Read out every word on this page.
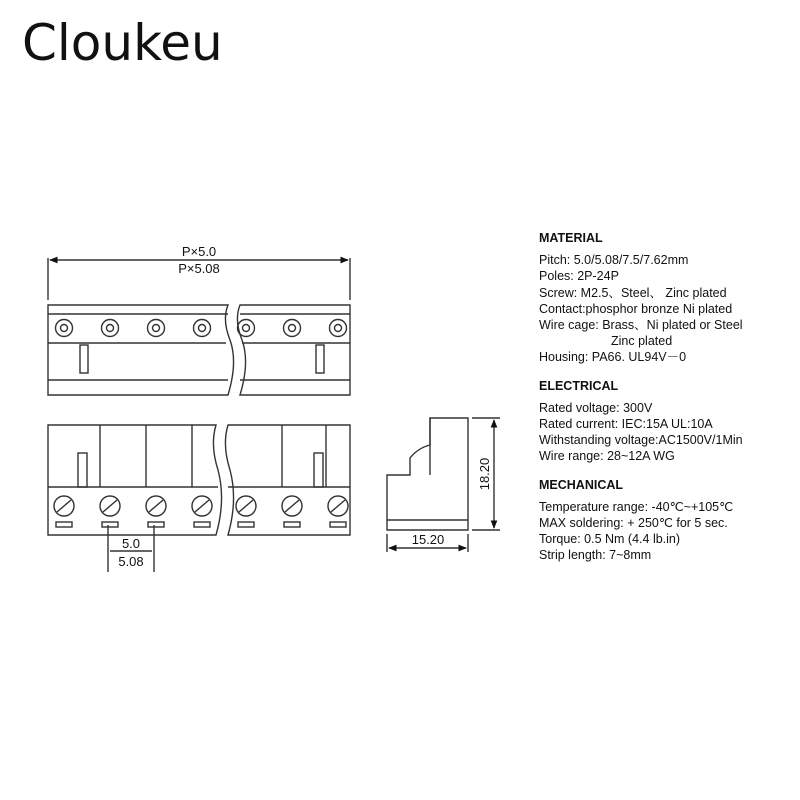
Cloukeu
P×5.0
P×5.08
5.0
5.08
15.20
18.20
MATERIAL
Pitch: 5.0/5.08/7.5/7.62mm
Poles: 2P-24P
Screw: M2.5、Steel、 Zinc plated
Contact:phosphor bronze Ni plated
Wire cage: Brass、Ni plated or Steel
Zinc plated
Housing: PA66. UL94V－0
ELECTRICAL
Rated voltage: 300V
Rated current: IEC:15A UL:10A
Withstanding voltage:AC1500V/1Min
Wire range: 28~12A WG
MECHANICAL
Temperature range: -40℃~+105℃
MAX soldering: + 250℃ for 5 sec.
Torque: 0.5 Nm (4.4 lb.in)
Strip length: 7~8mm
